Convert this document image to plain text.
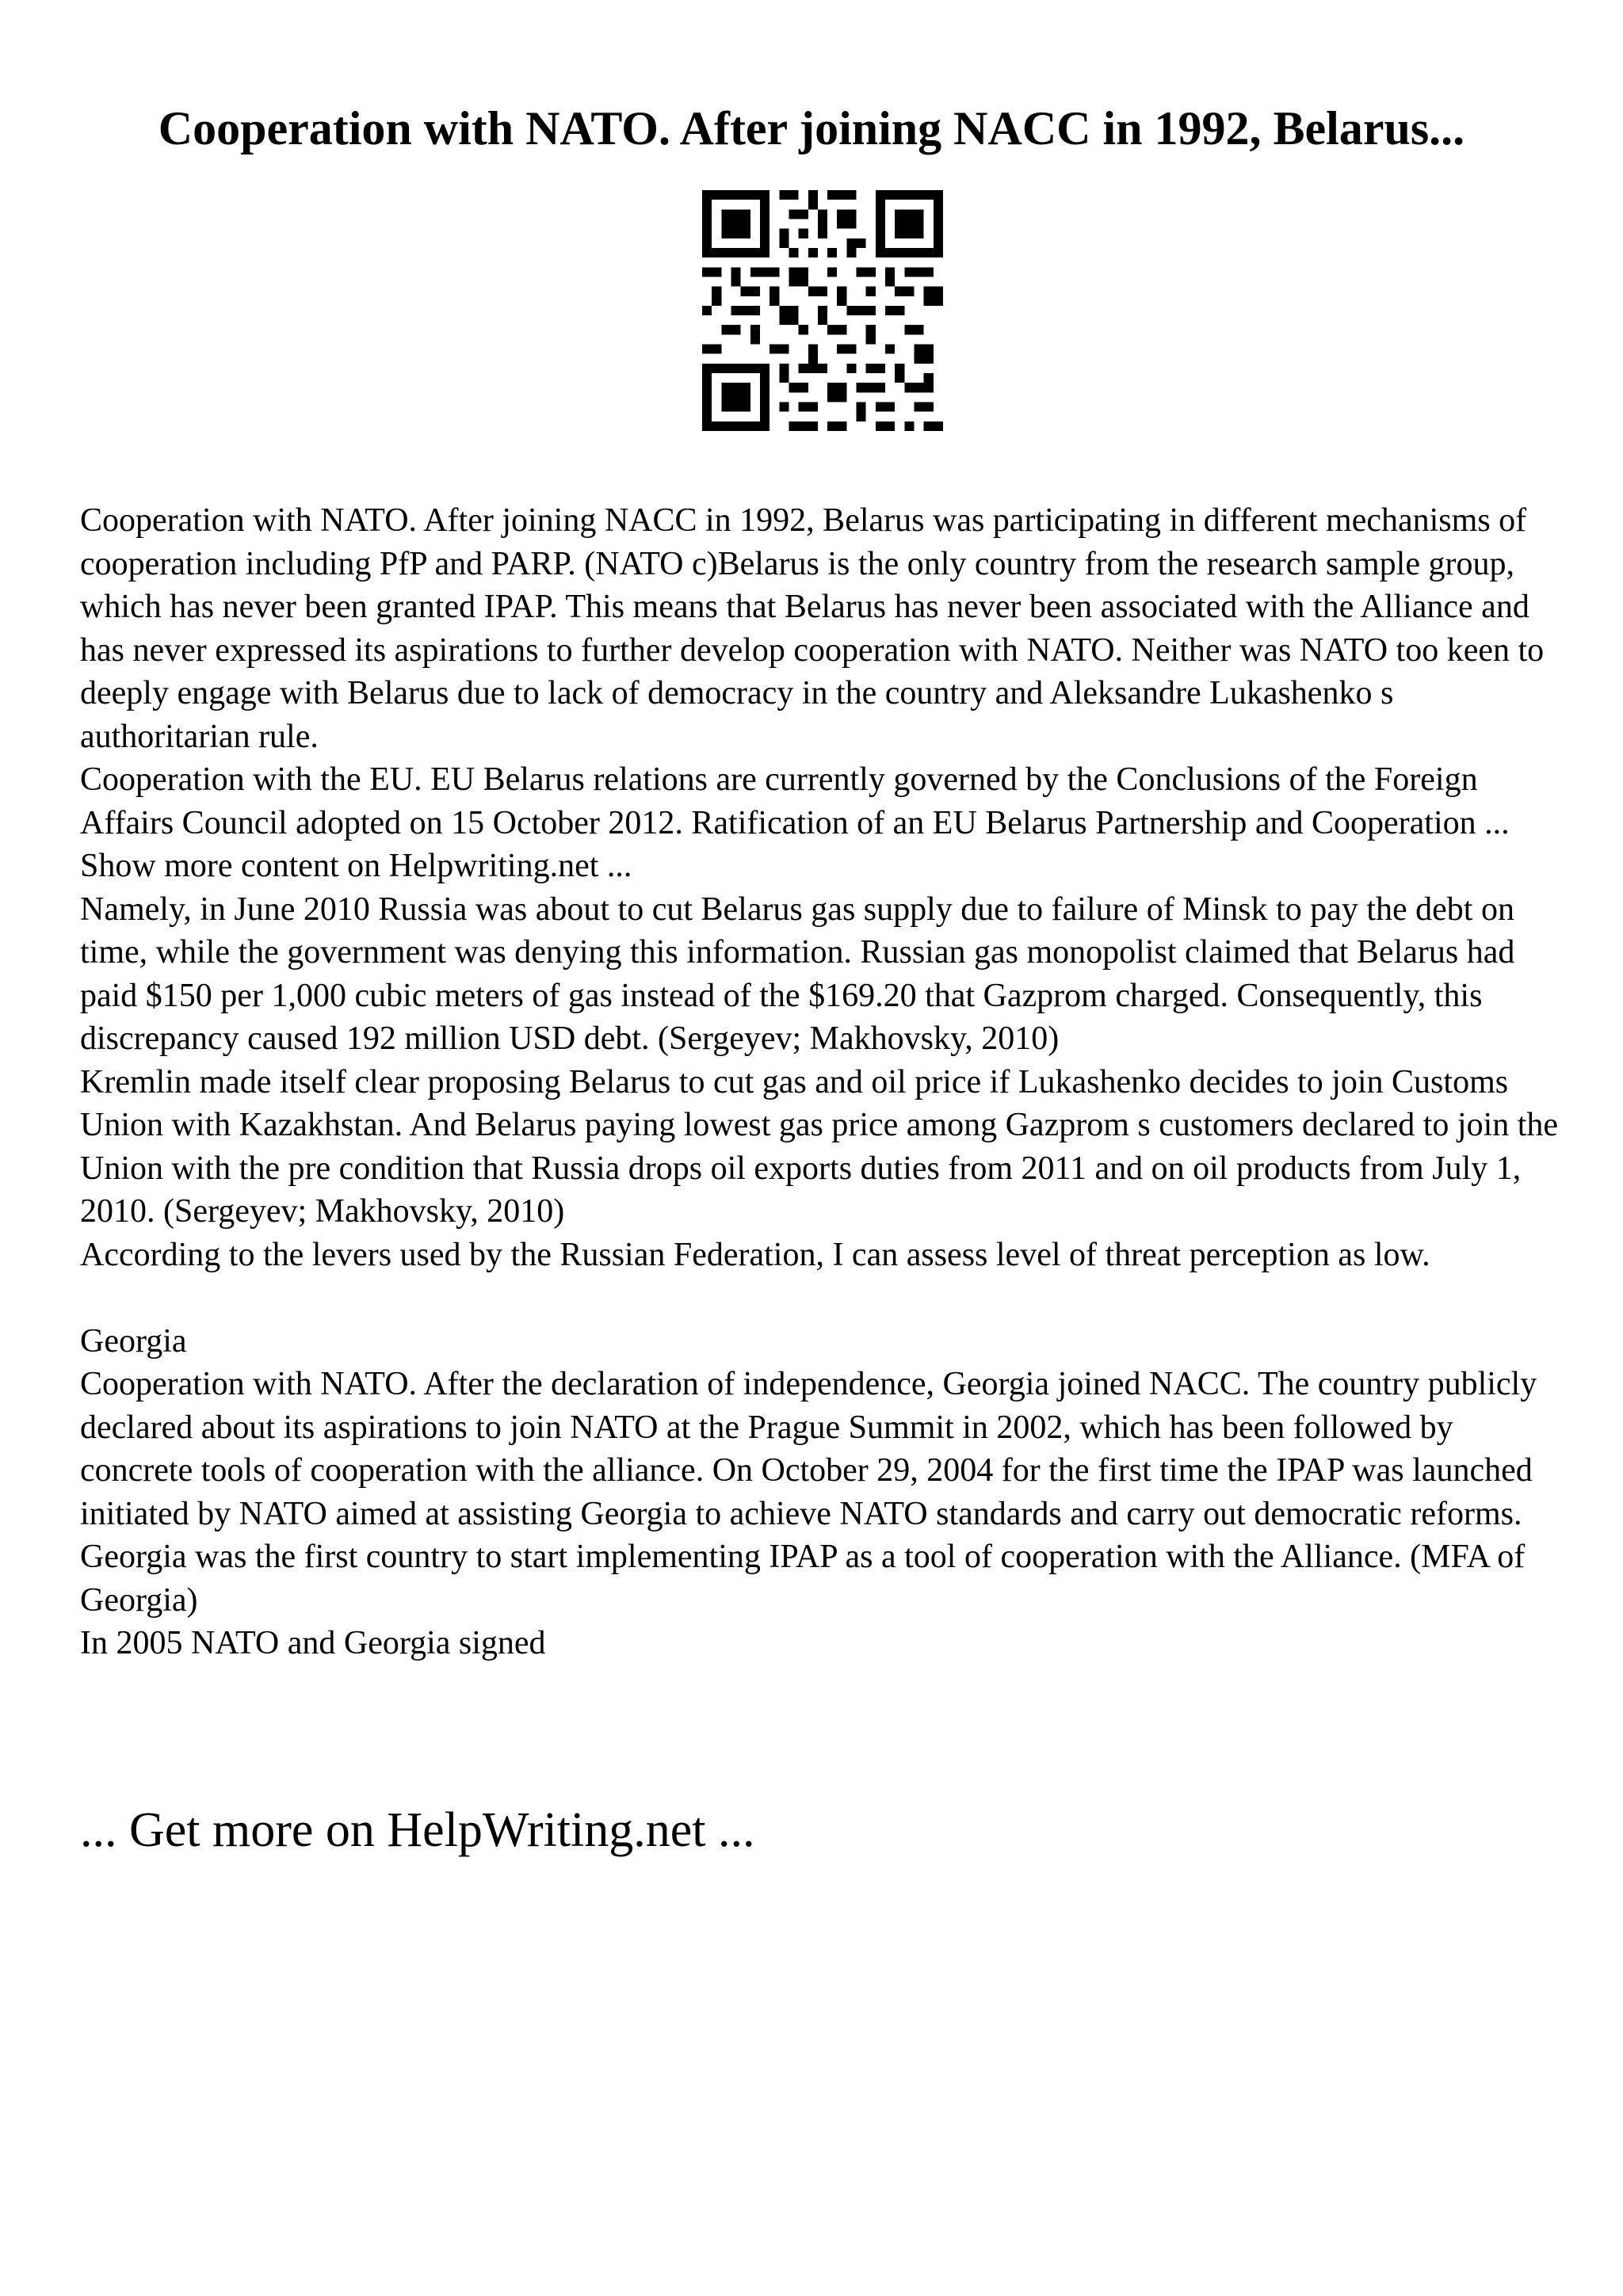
Cooperation with NATO. After joining NACC in 1992, Belarus...

Cooperation with NATO. After joining NACC in 1992, Belarus was participating in different mechanisms of cooperation including PfP and PARP. (NATO c)Belarus is the only country from the research sample group, which has never been granted IPAP. This means that Belarus has never been associated with the Alliance and has never expressed its aspirations to further develop cooperation with NATO. Neither was NATO too keen to deeply engage with Belarus due to lack of democracy in the country and Aleksandre Lukashenko s authoritarian rule.

Cooperation with the EU. EU Belarus relations are currently governed by the Conclusions of the Foreign Affairs Council adopted on 15 October 2012. Ratification of an EU Belarus Partnership and Cooperation ... Show more content on Helpwriting.net ...

Namely, in June 2010 Russia was about to cut Belarus gas supply due to failure of Minsk to pay the debt on time, while the government was denying this information. Russian gas monopolist claimed that Belarus had paid $150 per 1,000 cubic meters of gas instead of the $169.20 that Gazprom charged. Consequently, this discrepancy caused 192 million USD debt. (Sergeyev; Makhovsky, 2010)

Kremlin made itself clear proposing Belarus to cut gas and oil price if Lukashenko decides to join Customs Union with Kazakhstan. And Belarus paying lowest gas price among Gazprom s customers declared to join the Union with the pre condition that Russia drops oil exports duties from 2011 and on oil products from July 1, 2010. (Sergeyev; Makhovsky, 2010)

According to the levers used by the Russian Federation, I can assess level of threat perception as low.

Georgia

Cooperation with NATO. After the declaration of independence, Georgia joined NACC. The country publicly declared about its aspirations to join NATO at the Prague Summit in 2002, which has been followed by concrete tools of cooperation with the alliance. On October 29, 2004 for the first time the IPAP was launched initiated by NATO aimed at assisting Georgia to achieve NATO standards and carry out democratic reforms. Georgia was the first country to start implementing IPAP as a tool of cooperation with the Alliance. (MFA of Georgia)

In 2005 NATO and Georgia signed

... Get more on HelpWriting.net ...
